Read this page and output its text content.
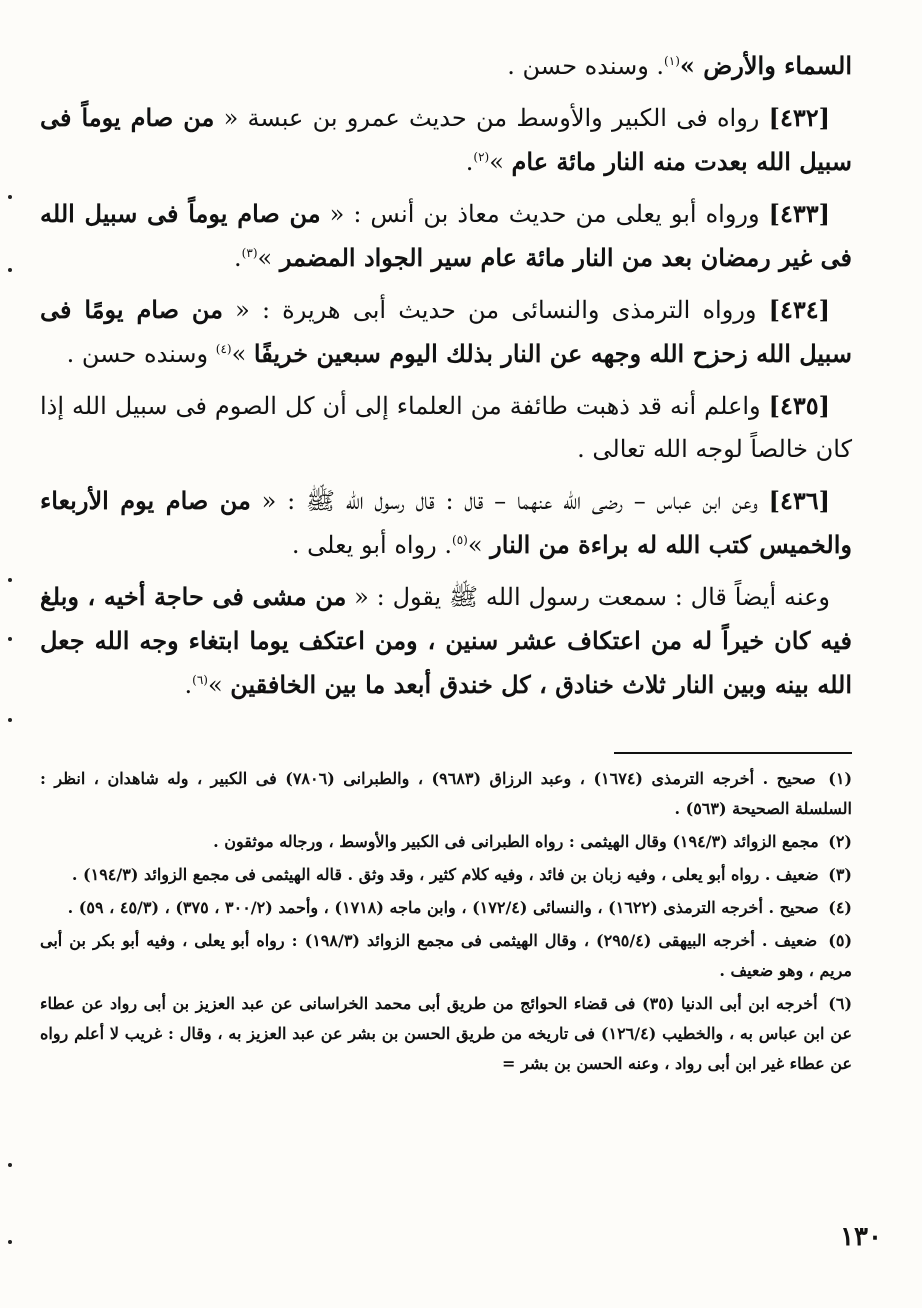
السماء والأرض »$^{(١)}$. وسنده حسن .

[٤٣٢] رواه فى الكبير والأوسط من حديث عمرو بن عبسة « من صام يوماً فى سبيل الله بعدت منه النار مائة عام »$^{(٢)}$.

[٤٣٣] ورواه أبو يعلى من حديث معاذ بن أنس : « من صام يوماً فى سبيل الله فى غير رمضان بعد من النار مائة عام سير الجواد المضمر »$^{(٣)}$.

[٤٣٤] ورواه الترمذى والنسائى من حديث أبى هريرة : « من صام يومًا فى سبيل الله زحزح الله وجهه عن النار بذلك اليوم سبعين خريفًا »$^{(٤)}$ وسنده حسن .

[٤٣٥] واعلم أنه قد ذهبت طائفة من العلماء إلى أن كل الصوم فى سبيل الله إذا كان خالصاً لوجه الله تعالى .

[٤٣٦] وعن ابن عباس – رضى الله عنهما – قال : قال رسول الله ﷺ : « من صام يوم الأربعاء والخميس كتب الله له براءة من النار »$^{(٥)}$. رواه أبو يعلى .

وعنه أيضاً قال : سمعت رسول الله ﷺ يقول : « من مشى فى حاجة أخيه ، وبلغ فيه كان خيراً له من اعتكاف عشر سنين ، ومن اعتكف يوما ابتغاء وجه الله جعل الله بينه وبين النار ثلاث خنادق ، كل خندق أبعد ما بين الخافقين »$^{(٦)}$.

(١) صحيح . أخرجه الترمذى (١٦٧٤) ، وعبد الرزاق (٩٦٨٣) ، والطبرانى (٧٨٠٦) فى الكبير ، وله شاهدان ، انظر : السلسلة الصحيحة (٥٦٣) .

(٢) مجمع الزوائد (١٩٤/٣) وقال الهيثمى : رواه الطبرانى فى الكبير والأوسط ، ورجاله موثقون .

(٣) ضعيف . رواه أبو يعلى ، وفيه زبان بن فائد ، وفيه كلام كثير ، وقد وثق . قاله الهيثمى فى مجمع الزوائد (١٩٤/٣) .

(٤) صحيح . أخرجه الترمذى (١٦٢٢) ، والنسائى (١٧٢/٤) ، وابن ماجه (١٧١٨) ، وأحمد (٣٠٠/٢ ، ٣٧٥) ، (٤٥/٣ ، ٥٩) .

(٥) ضعيف . أخرجه البيهقى (٢٩٥/٤) ، وقال الهيثمى فى مجمع الزوائد (١٩٨/٣) : رواه أبو يعلى ، وفيه أبو بكر بن أبى مريم ، وهو ضعيف .

(٦) أخرجه ابن أبى الدنيا (٣٥) فى قضاء الحوائج من طريق أبى محمد الخراسانى عن عبد العزيز بن أبى رواد عن عطاء عن ابن عباس به ، والخطيب (١٢٦/٤) فى تاريخه من طريق الحسن بن بشر عن عبد العزيز به ، وقال : غريب لا أعلم رواه عن عطاء غير ابن أبى رواد ، وعنه الحسن بن بشر =

١٣٠
